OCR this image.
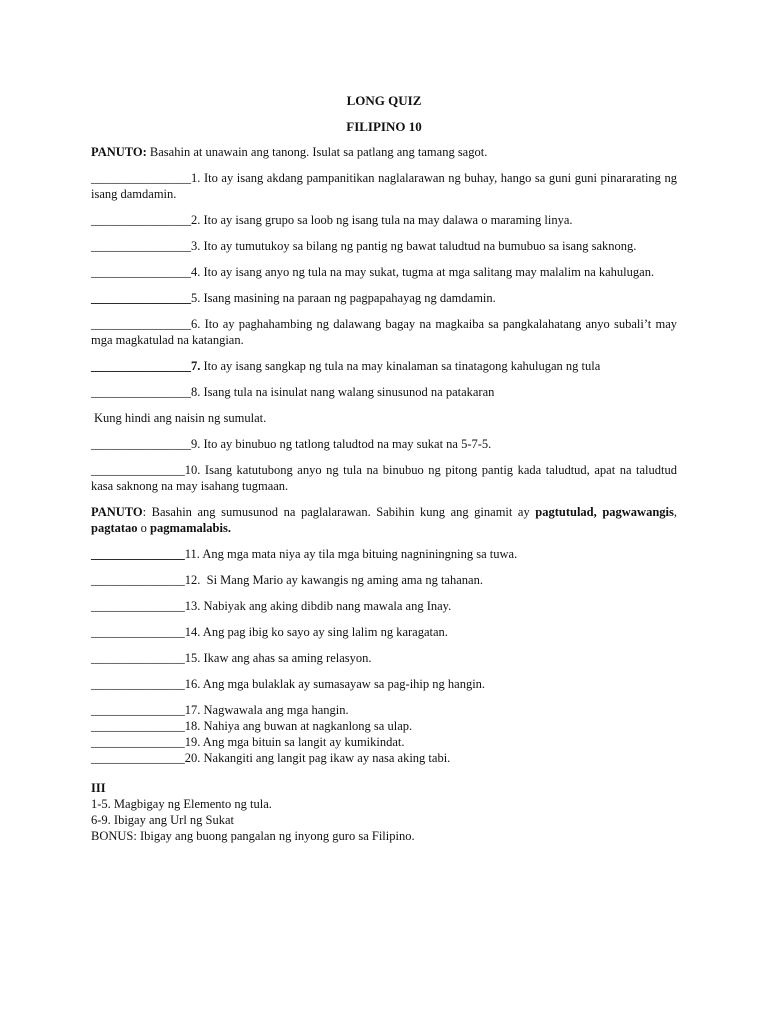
LONG QUIZ
FILIPINO 10

PANUTO: Basahin at unawain ang tanong. Isulat sa patlang ang tamang sagot.

________________1. Ito ay isang akdang pampanitikan naglalarawan ng buhay, hango sa guni guni pinararating ng isang damdamin.

________________2. Ito ay isang grupo sa loob ng isang tula na may dalawa o maraming linya.

________________3. Ito ay tumutukoy sa bilang ng pantig ng bawat taludtud na bumubuo sa isang saknong.

________________4. Ito ay isang anyo ng tula na may sukat, tugma at mga salitang may malalim na kahulugan.

________________5. Isang masining na paraan ng pagpapahayag ng damdamin.

________________6. Ito ay paghahambing ng dalawang bagay na magkaiba sa pangkalahatang anyo subali’t may mga magkatulad na katangian.

________________7. Ito ay isang sangkap ng tula na may kinalaman sa tinatagong kahulugan ng tula

________________8. Isang tula na isinulat nang walang sinusunod na patakaran

Kung hindi ang naisin ng sumulat.

________________9. Ito ay binubuo ng tatlong taludtod na may sukat na 5-7-5.

_______________10. Isang katutubong anyo ng tula na binubuo ng pitong pantig kada taludtud, apat na taludtud kasa saknong na may isahang tugmaan.

PANUTO: Basahin ang sumusunod na paglalarawan. Sabihin kung ang ginamit ay pagtutulad, pagwawangis, pagtatao o pagmamalabis.

_______________11. Ang mga mata niya ay tila mga bituing nagniningning sa tuwa.

_______________12.  Si Mang Mario ay kawangis ng aming ama ng tahanan.

_______________13. Nabiyak ang aking dibdib nang mawala ang Inay.

_______________14. Ang pag ibig ko sayo ay sing lalim ng karagatan.

_______________15. Ikaw ang ahas sa aming relasyon.

_______________16. Ang mga bulaklak ay sumasayaw sa pag-ihip ng hangin.

_______________17. Nagwawala ang mga hangin.

_______________18. Nahiya ang buwan at nagkanlong sa ulap.

_______________19. Ang mga bituin sa langit ay kumikindat.

_______________20. Nakangiti ang langit pag ikaw ay nasa aking tabi.

III

1-5. Magbigay ng Elemento ng tula.

6-9. Ibigay ang Url ng Sukat

BONUS: Ibigay ang buong pangalan ng inyong guro sa Filipino.
